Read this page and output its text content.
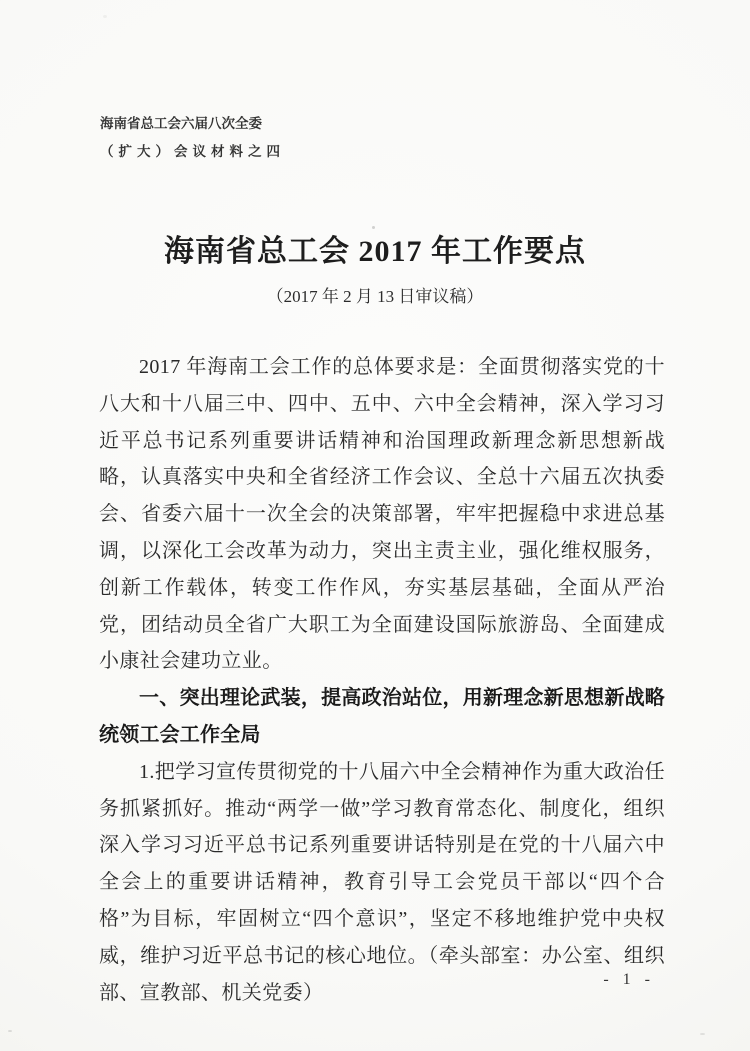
海南省总工会六届八次全委
（扩大）会议材料之四
海南省总工会 2017 年工作要点
（2017 年 2 月 13 日审议稿）

2017 年海南工会工作的总体要求是：全面贯彻落实党的十八大和十八届三中、四中、五中、六中全会精神，深入学习习近平总书记系列重要讲话精神和治国理政新理念新思想新战略，认真落实中央和全省经济工作会议、全总十六届五次执委会、省委六届十一次全会的决策部署，牢牢把握稳中求进总基调，以深化工会改革为动力，突出主责主业，强化维权服务，创新工作载体，转变工作作风，夯实基层基础，全面从严治党，团结动员全省广大职工为全面建设国际旅游岛、全面建成小康社会建功立业。

一、突出理论武装，提高政治站位，用新理念新思想新战略统领工会工作全局

1.把学习宣传贯彻党的十八届六中全会精神作为重大政治任务抓紧抓好。推动“两学一做”学习教育常态化、制度化，组织深入学习习近平总书记系列重要讲话特别是在党的十八届六中全会上的重要讲话精神，教育引导工会党员干部以“四个合格”为目标，牢固树立“四个意识”，坚定不移地维护党中央权威，维护习近平总书记的核心地位。（牵头部室：办公室、组织部、宣教部、机关党委）

- 1 -
